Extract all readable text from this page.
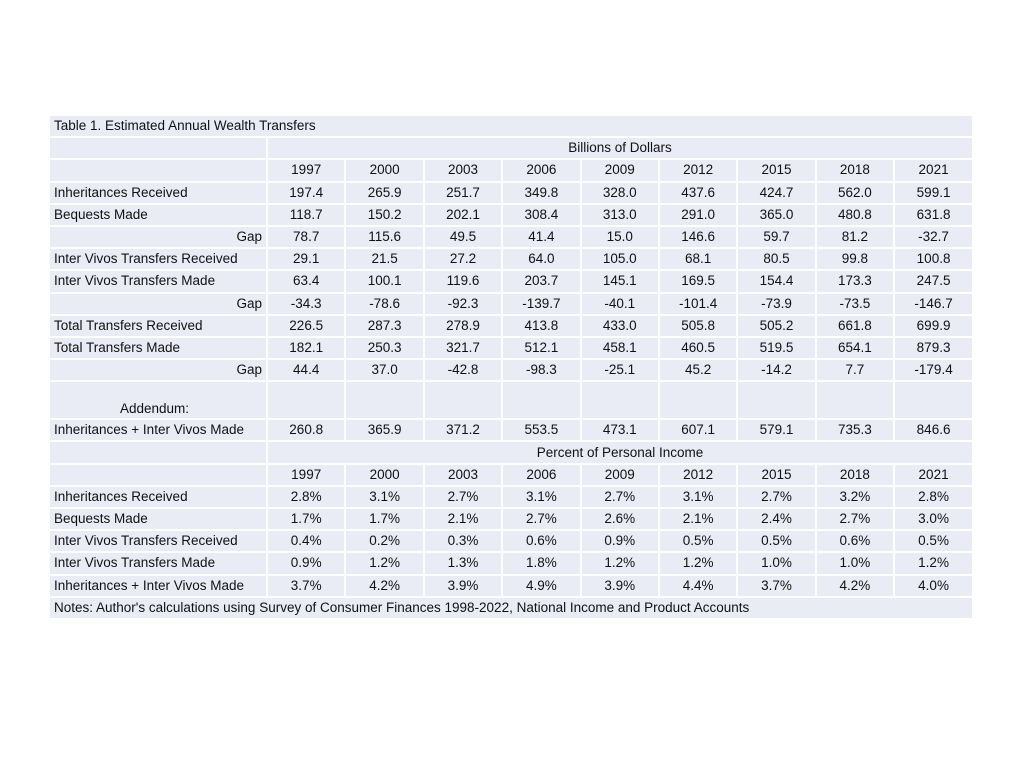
Table 1. Estimated Annual Wealth Transfers									
	Billions of Dollars								
	1997	2000	2003	2006	2009	2012	2015	2018	2021
Inheritances Received	197.4	265.9	251.7	349.8	328.0	437.6	424.7	562.0	599.1
Bequests Made	118.7	150.2	202.1	308.4	313.0	291.0	365.0	480.8	631.8
Gap	78.7	115.6	49.5	41.4	15.0	146.6	59.7	81.2	-32.7
Inter Vivos Transfers Received	29.1	21.5	27.2	64.0	105.0	68.1	80.5	99.8	100.8
Inter Vivos Transfers Made	63.4	100.1	119.6	203.7	145.1	169.5	154.4	173.3	247.5
Gap	-34.3	-78.6	-92.3	-139.7	-40.1	-101.4	-73.9	-73.5	-146.7
Total Transfers Received	226.5	287.3	278.9	413.8	433.0	505.8	505.2	661.8	699.9
Total Transfers Made	182.1	250.3	321.7	512.1	458.1	460.5	519.5	654.1	879.3
Gap	44.4	37.0	-42.8	-98.3	-25.1	45.2	-14.2	7.7	-179.4
Addendum:									
Inheritances + Inter Vivos Made	260.8	365.9	371.2	553.5	473.1	607.1	579.1	735.3	846.6
	Percent of Personal Income								
	1997	2000	2003	2006	2009	2012	2015	2018	2021
Inheritances Received	2.8%	3.1%	2.7%	3.1%	2.7%	3.1%	2.7%	3.2%	2.8%
Bequests Made	1.7%	1.7%	2.1%	2.7%	2.6%	2.1%	2.4%	2.7%	3.0%
Inter Vivos Transfers Received	0.4%	0.2%	0.3%	0.6%	0.9%	0.5%	0.5%	0.6%	0.5%
Inter Vivos Transfers Made	0.9%	1.2%	1.3%	1.8%	1.2%	1.2%	1.0%	1.0%	1.2%
Inheritances + Inter Vivos Made	3.7%	4.2%	3.9%	4.9%	3.9%	4.4%	3.7%	4.2%	4.0%
Notes: Author's calculations using Survey of Consumer Finances 1998-2022, National Income and Product Accounts									
